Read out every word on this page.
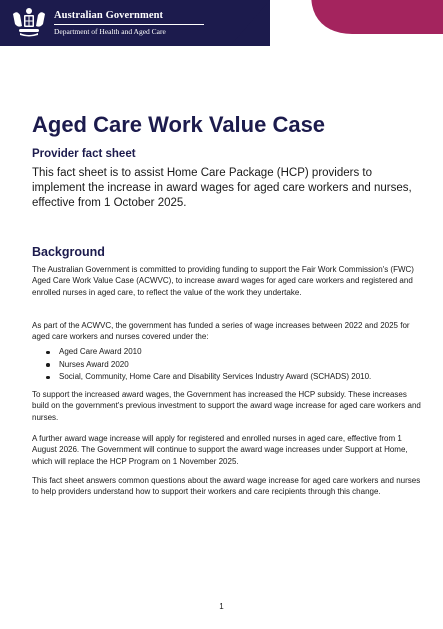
Australian Government
Department of Health and Aged Care
Aged Care Work Value Case
Provider fact sheet

This fact sheet is to assist Home Care Package (HCP) providers to implement the increase in award wages for aged care workers and nurses, effective from 1 October 2025.

Background

The Australian Government is committed to providing funding to support the Fair Work Commission's (FWC) Aged Care Work Value Case (ACWVC), to increase award wages for aged care workers and registered and enrolled nurses in aged care, to reflect the value of the work they undertake.

As part of the ACWVC, the government has funded a series of wage increases between 2022 and 2025 for aged care workers and nurses covered under the:

Aged Care Award 2010
Nurses Award 2020
Social, Community, Home Care and Disability Services Industry Award (SCHADS) 2010.

To support the increased award wages, the Government has increased the HCP subsidy. These increases build on the government's previous investment to support the award wage increase for aged care workers and nurses.

A further award wage increase will apply for registered and enrolled nurses in aged care, effective from 1 August 2026. The Government will continue to support the award wage increases under Support at Home, which will replace the HCP Program on 1 November 2025.

This fact sheet answers common questions about the award wage increase for aged care workers and nurses to help providers understand how to support their workers and care recipients through this change.

1
